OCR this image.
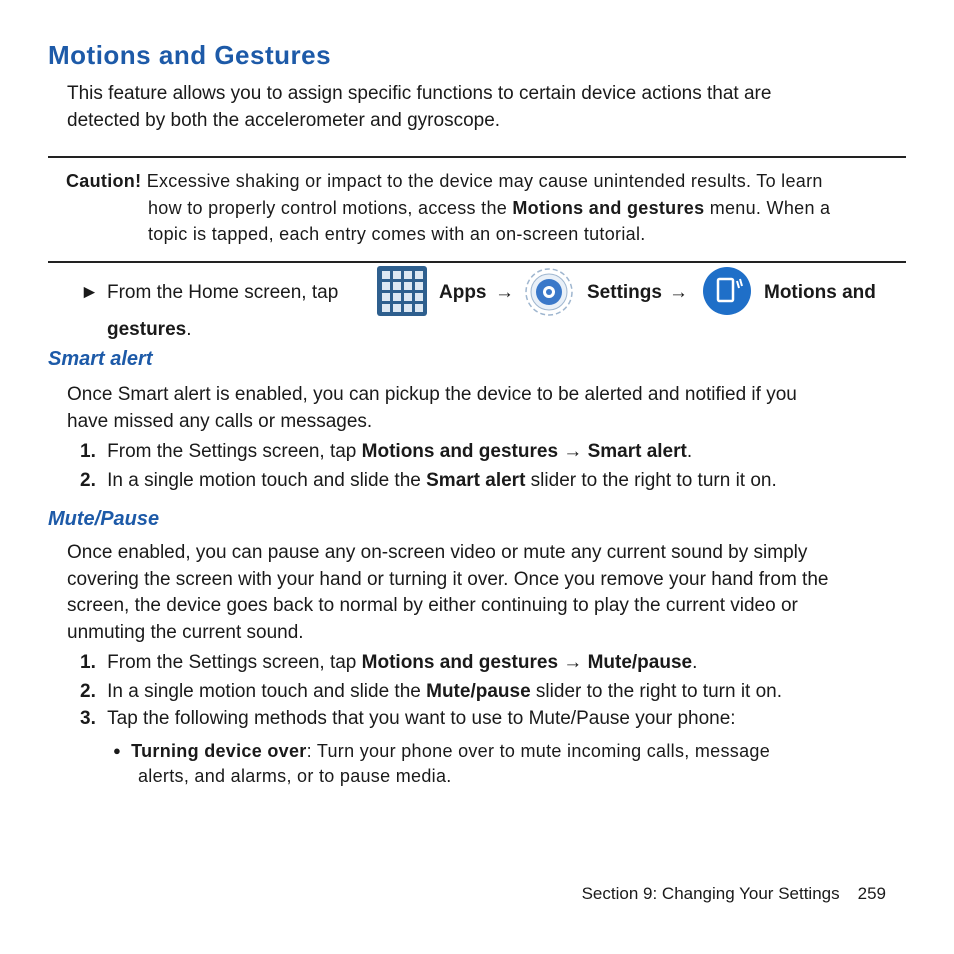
Motions and Gestures
This feature allows you to assign specific functions to certain device actions that are
detected by both the accelerometer and gyroscope.
Caution! Excessive shaking or impact to the device may cause unintended results. To learn
how to properly control motions, access the Motions and gestures menu. When a
topic is tapped, each entry comes with an on-screen tutorial.
► From the Home screen, tap	Apps →	Settings →	Motions and
gestures.
Smart alert
Once Smart alert is enabled, you can pickup the device to be alerted and notified if you
have missed any calls or messages.
1. From the Settings screen, tap Motions and gestures → Smart alert.
2. In a single motion touch and slide the Smart alert slider to the right to turn it on.
Mute/Pause
Once enabled, you can pause any on-screen video or mute any current sound by simply
covering the screen with your hand or turning it over. Once you remove your hand from the
screen, the device goes back to normal by either continuing to play the current video or
unmuting the current sound.
1. From the Settings screen, tap Motions and gestures → Mute/pause.
2. In a single motion touch and slide the Mute/pause slider to the right to turn it on.
3. Tap the following methods that you want to use to Mute/Pause your phone:
● Turning device over: Turn your phone over to mute incoming calls, message
alerts, and alarms, or to pause media.
Section 9: Changing Your Settings 259
